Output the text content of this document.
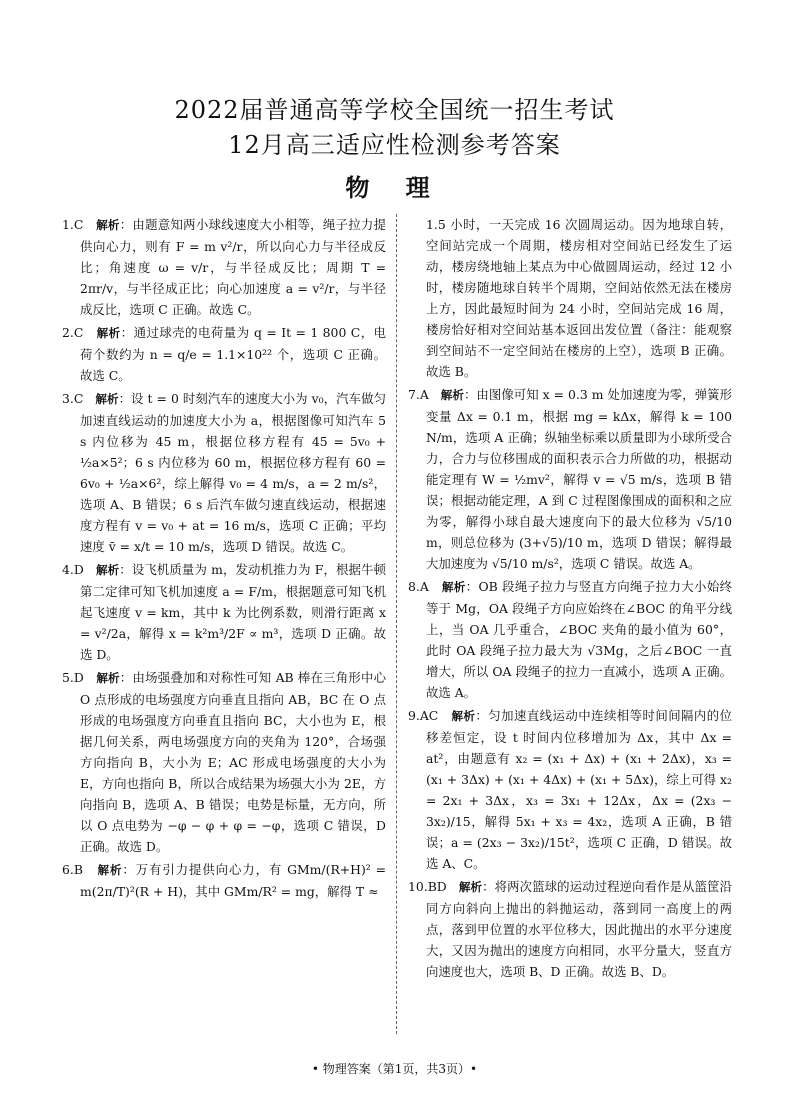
2022届普通高等学校全国统一招生考试
12月高三适应性检测参考答案
物 理

1.C 解析：由题意知两小球线速度大小相等，绳子拉力提供向心力，则有 F = m v²/r，所以向心力与半径成反比；角速度 ω = v/r，与半径成反比；周期 T = 2πr/v，与半径成正比；向心加速度 a = v²/r，与半径成反比，选项 C 正确。故选 C。

2.C 解析：通过球壳的电荷量为 q = It = 1 800 C，电荷个数约为 n = q/e = 1.1×10²² 个，选项 C 正确。故选 C。

3.C 解析：设 t = 0 时刻汽车的速度大小为 v₀，汽车做匀加速直线运动的加速度大小为 a，根据图像可知汽车 5 s 内位移为 45 m，根据位移方程有 45 = 5v₀ + ½a×5²；6 s 内位移为 60 m，根据位移方程有 60 = 6v₀ + ½a×6²，综上解得 v₀ = 4 m/s，a = 2 m/s²，选项 A、B 错误；6 s 后汽车做匀速直线运动，根据速度方程有 v = v₀ + at = 16 m/s，选项 C 正确；平均速度 v̄ = x/t = 10 m/s，选项 D 错误。故选 C。

4.D 解析：设飞机质量为 m，发动机推力为 F，根据牛顿第二定律可知飞机加速度 a = F/m，根据题意可知飞机起飞速度 v = km，其中 k 为比例系数，则滑行距离 x = v²/2a，解得 x = k²m³/2F ∝ m³，选项 D 正确。故选 D。

5.D 解析：由场强叠加和对称性可知 AB 棒在三角形中心 O 点形成的电场强度方向垂直且指向 AB，BC 在 O 点形成的电场强度方向垂直且指向 BC，大小也为 E，根据几何关系，两电场强度方向的夹角为 120°，合场强方向指向 B，大小为 E；AC 形成电场强度的大小为 E，方向也指向 B，所以合成结果为场强大小为 2E，方向指向 B，选项 A、B 错误；电势是标量，无方向，所以 O 点电势为 −φ − φ + φ = −φ，选项 C 错误，D 正确。故选 D。

6.B 解析：万有引力提供向心力，有 GMm/(R+H)² = m(2π/T)²(R + H)，其中 GMm/R² = mg，解得 T ≈

1.5 小时，一天完成 16 次圆周运动。因为地球自转，空间站完成一个周期，楼房相对空间站已经发生了运动，楼房绕地轴上某点为中心做圆周运动，经过 12 小时，楼房随地球自转半个周期，空间站依然无法在楼房上方，因此最短时间为 24 小时，空间站完成 16 周，楼房恰好相对空间站基本返回出发位置（备注：能观察到空间站不一定空间站在楼房的上空），选项 B 正确。故选 B。

7.A 解析：由图像可知 x = 0.3 m 处加速度为零，弹簧形变量 Δx = 0.1 m，根据 mg = kΔx，解得 k = 100 N/m，选项 A 正确；纵轴坐标乘以质量即为小球所受合力，合力与位移围成的面积表示合力所做的功，根据动能定理有 W = ½mv²，解得 v = √5 m/s，选项 B 错误；根据动能定理，A 到 C 过程图像围成的面积和之应为零，解得小球自最大速度向下的最大位移为 √5/10 m，则总位移为 (3+√5)/10 m，选项 D 错误；解得最大加速度为 √5/10 m/s²，选项 C 错误。故选 A。

8.A 解析：OB 段绳子拉力与竖直方向绳子拉力大小始终等于 Mg，OA 段绳子方向应始终在∠BOC 的角平分线上，当 OA 几乎重合，∠BOC 夹角的最小值为 60°，此时 OA 段绳子拉力最大为 √3Mg，之后∠BOC 一直增大，所以 OA 段绳子的拉力一直减小，选项 A 正确。故选 A。

9.AC 解析：匀加速直线运动中连续相等时间间隔内的位移差恒定，设 t 时间内位移增加为 Δx，其中 Δx = at²，由题意有 x₂ = (x₁ + Δx) + (x₁ + 2Δx)，x₃ = (x₁ + 3Δx) + (x₁ + 4Δx) + (x₁ + 5Δx)，综上可得 x₂ = 2x₁ + 3Δx，x₃ = 3x₁ + 12Δx，Δx = (2x₃ − 3x₂)/15，解得 5x₁ + x₃ = 4x₂，选项 A 正确，B 错误；a = (2x₃ − 3x₂)/15t²，选项 C 正确，D 错误。故选 A、C。

10.BD 解析：将两次篮球的运动过程逆向看作是从篮筐沿同方向斜向上抛出的斜抛运动，落到同一高度上的两点，落到甲位置的水平位移大，因此抛出的水平分速度大，又因为抛出的速度方向相同，水平分量大，竖直方向速度也大，选项 B、D 正确。故选 B、D。

• 物理答案（第1页，共3页）•
